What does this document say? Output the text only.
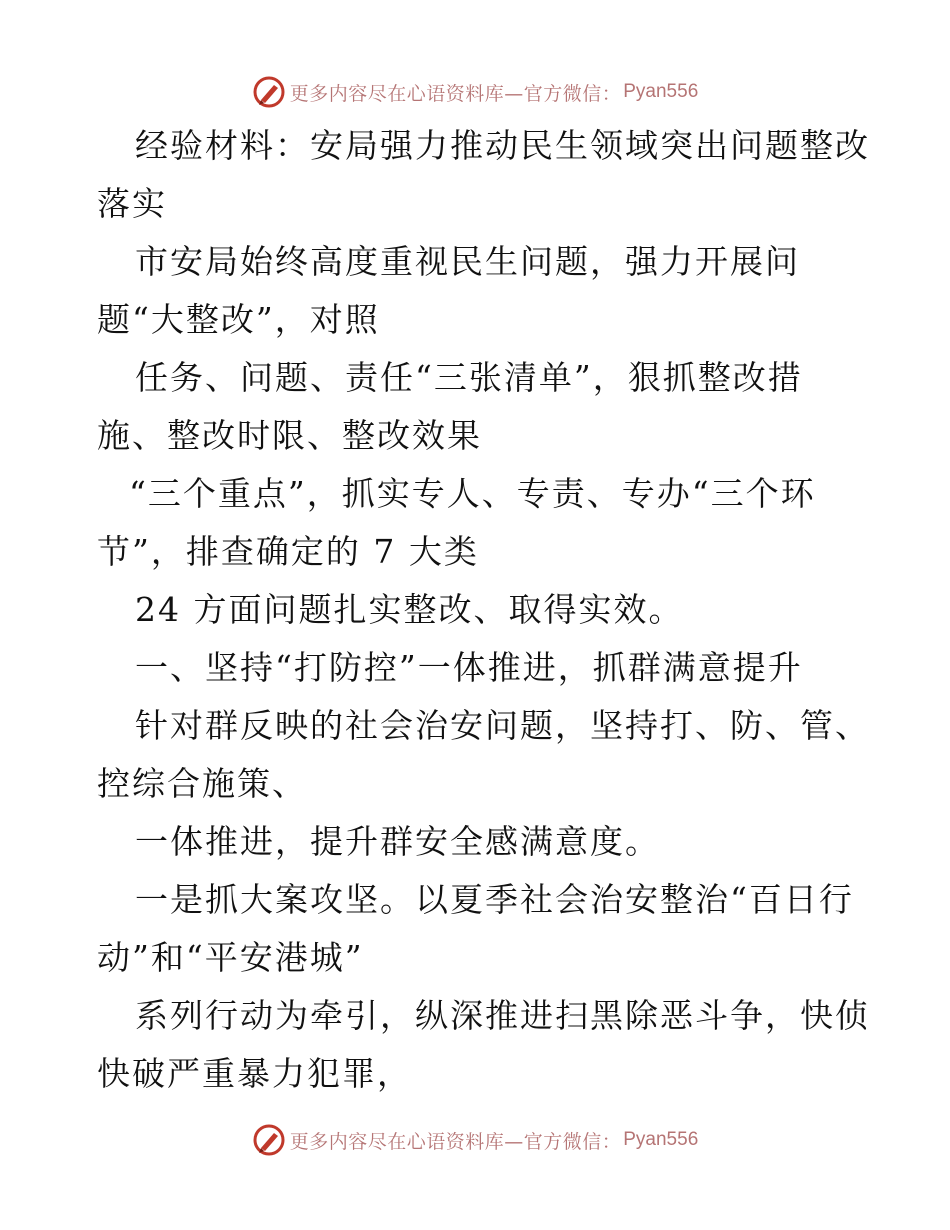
更多内容尽在心语资料库—官方微信： Pyan556
经验材料：安局强力推动民生领域突出问题整改
落实
市安局始终高度重视民生问题，强力开展问
题“大整改”，对照
任务、问题、责任“三张清单”，狠抓整改措
施、整改时限、整改效果
“三个重点”，抓实专人、专责、专办“三个环
节”，排查确定的 7 大类
24 方面问题扎实整改、取得实效。
一、坚持“打防控”一体推进，抓群满意提升
针对群反映的社会治安问题，坚持打、防、管、
控综合施策、
一体推进，提升群安全感满意度。
一是抓大案攻坚。以夏季社会治安整治“百日行
动”和“平安港城”
系列行动为牵引，纵深推进扫黑除恶斗争，快侦
快破严重暴力犯罪，
更多内容尽在心语资料库—官方微信： Pyan556
